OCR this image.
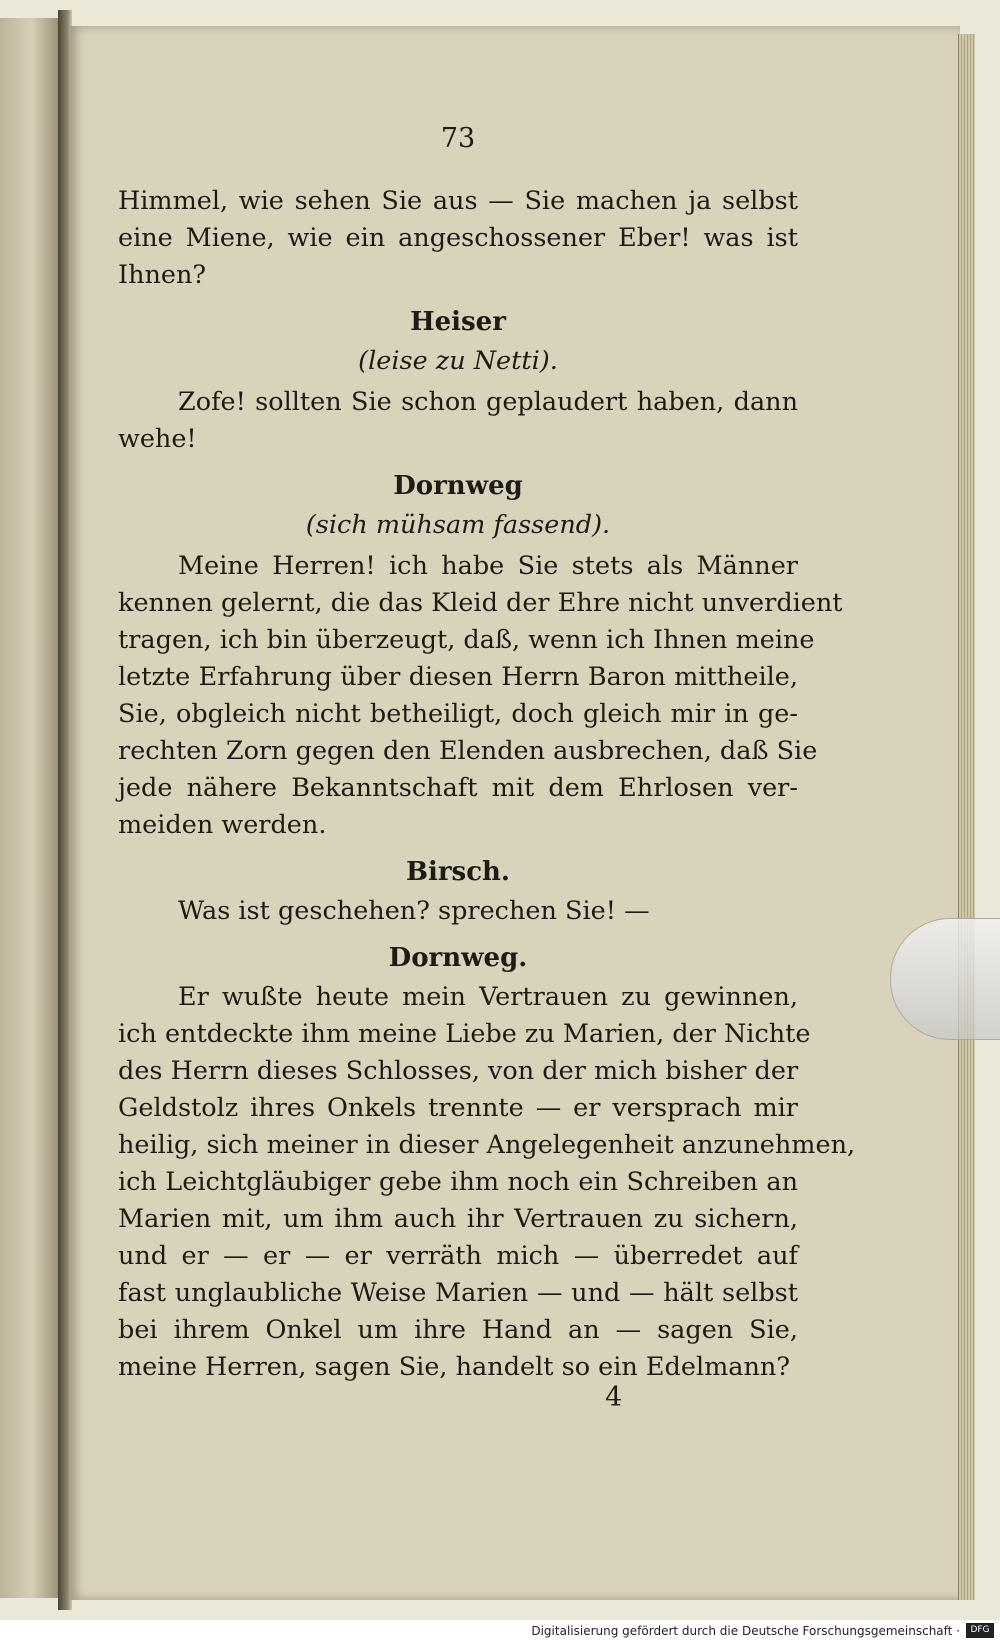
73
Himmel, wie sehen Sie aus — Sie machen ja selbst
eine Miene, wie ein angeschossener Eber! was ist
Ihnen?
Heiser
(leise zu Netti).
Zofe! sollten Sie schon geplaudert haben, dann
wehe!
Dornweg
(sich mühsam fassend).
Meine Herren! ich habe Sie stets als Männer
kennen gelernt, die das Kleid der Ehre nicht unverdient
tragen, ich bin überzeugt, daß, wenn ich Ihnen meine
letzte Erfahrung über diesen Herrn Baron mittheile,
Sie, obgleich nicht betheiligt, doch gleich mir in ge-
rechten Zorn gegen den Elenden ausbrechen, daß Sie
jede nähere Bekanntschaft mit dem Ehrlosen ver-
meiden werden.
Birsch.
Was ist geschehen? sprechen Sie! —
Dornweg.
Er wußte heute mein Vertrauen zu gewinnen,
ich entdeckte ihm meine Liebe zu Marien, der Nichte
des Herrn dieses Schlosses, von der mich bisher der
Geldstolz ihres Onkels trennte — er versprach mir
heilig, sich meiner in dieser Angelegenheit anzunehmen,
ich Leichtgläubiger gebe ihm noch ein Schreiben an
Marien mit, um ihm auch ihr Vertrauen zu sichern,
und er — er — er verräth mich — überredet auf
fast unglaubliche Weise Marien — und — hält selbst
bei ihrem Onkel um ihre Hand an — sagen Sie,
meine Herren, sagen Sie, handelt so ein Edelmann?
4
Digitalisierung gefördert durch die Deutsche Forschungsgemeinschaft ·	DFG
